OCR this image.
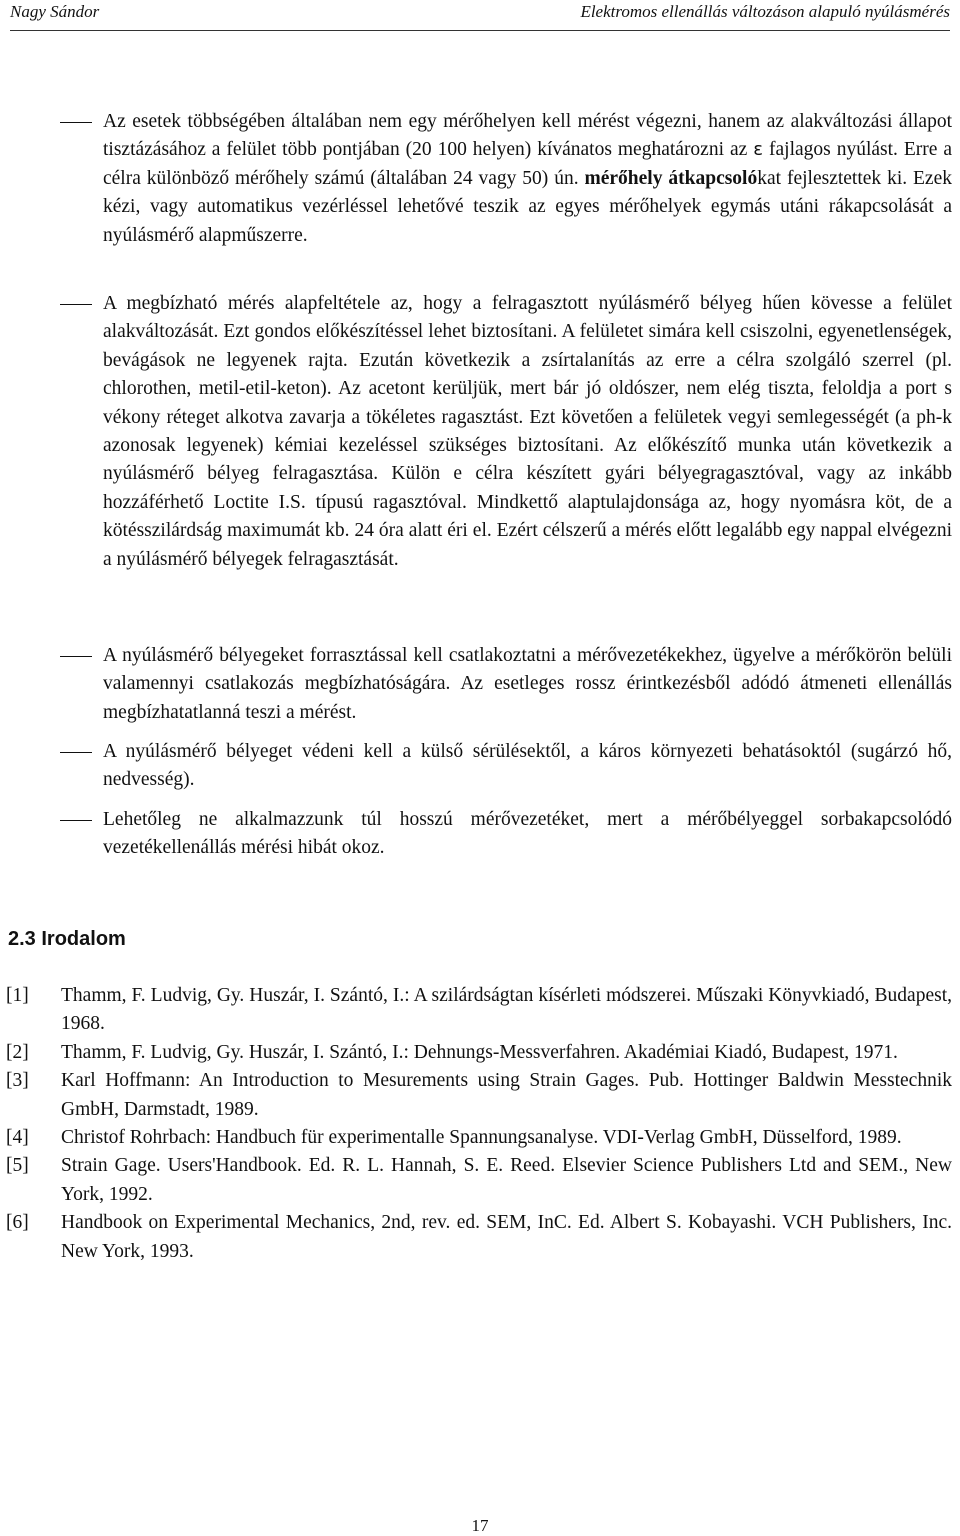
Nagy Sándor	Elektromos ellenállás változáson alapuló nyúlásmérés
Az esetek többségében általában nem egy mérőhelyen kell mérést végezni, hanem az alakváltozási állapot tisztázásához a felület több pontjában (20 100 helyen) kívánatos meghatározni az ε fajlagos nyúlást. Erre a célra különböző mérőhely számú (általában 24 vagy 50) ún. mérőhely átkapcsolókat fejlesztettek ki. Ezek kézi, vagy automatikus vezérléssel lehetővé teszik az egyes mérőhelyek egymás utáni rákapcsolását a nyúlásmérő alapműszerre.
A megbízható mérés alapfeltétele az, hogy a felragasztott nyúlásmérő bélyeg hűen kövesse a felület alakváltozását. Ezt gondos előkészítéssel lehet biztosítani. A felületet simára kell csiszolni, egyenetlenségek, bevágások ne legyenek rajta. Ezután következik a zsírtalanítás az erre a célra szolgáló szerrel (pl. chlorothen, metil-etil-keton). Az acetont kerüljük, mert bár jó oldószer, nem elég tiszta, feloldja a port s vékony réteget alkotva zavarja a tökéletes ragasztást. Ezt követően a felületek vegyi semlegességét (a ph-k azonosak legyenek) kémiai kezeléssel szükséges biztosítani. Az előkészítő munka után következik a nyúlásmérő bélyeg felragasztása. Külön e célra készített gyári bélyegragasztóval, vagy az inkább hozzáférhető Loctite I.S. típusú ragasztóval. Mindkettő alaptulajdonsága az, hogy nyomásra köt, de a kötésszilárdság maximumát kb. 24 óra alatt éri el. Ezért célszerű a mérés előtt legalább egy nappal elvégezni a nyúlásmérő bélyegek felragasztását.
A nyúlásmérő bélyegeket forrasztással kell csatlakoztatni a mérővezetékekhez, ügyelve a mérőkörön belüli valamennyi csatlakozás megbízhatóságára. Az esetleges rossz érintkezésből adódó átmeneti ellenállás megbízhatatlanná teszi a mérést.
A nyúlásmérő bélyeget védeni kell a külső sérülésektől, a káros környezeti behatásoktól (sugárzó hő, nedvesség).
Lehetőleg ne alkalmazzunk túl hosszú mérővezetéket, mert a mérőbélyeggel sorbakapcsolódó vezetékellenállás mérési hibát okoz.
2.3 Irodalom
[1] Thamm, F. Ludvig, Gy. Huszár, I. Szántó, I.: A szilárdságtan kísérleti módszerei. Műszaki Könyvkiadó, Budapest, 1968.
[2] Thamm, F. Ludvig, Gy. Huszár, I. Szántó, I.: Dehnungs-Messverfahren. Akadémiai Kiadó, Budapest, 1971.
[3] Karl Hoffmann: An Introduction to Mesurements using Strain Gages. Pub. Hottinger Baldwin Messtechnik GmbH, Darmstadt, 1989.
[4] Christof Rohrbach: Handbuch für experimentalle Spannungsanalyse. VDI-Verlag GmbH, Düsselford, 1989.
[5] Strain Gage. Users'Handbook. Ed. R. L. Hannah, S. E. Reed. Elsevier Science Publishers Ltd and SEM., New York, 1992.
[6] Handbook on Experimental Mechanics, 2nd, rev. ed. SEM, InC. Ed. Albert S. Kobayashi. VCH Publishers, Inc. New York, 1993.
17
